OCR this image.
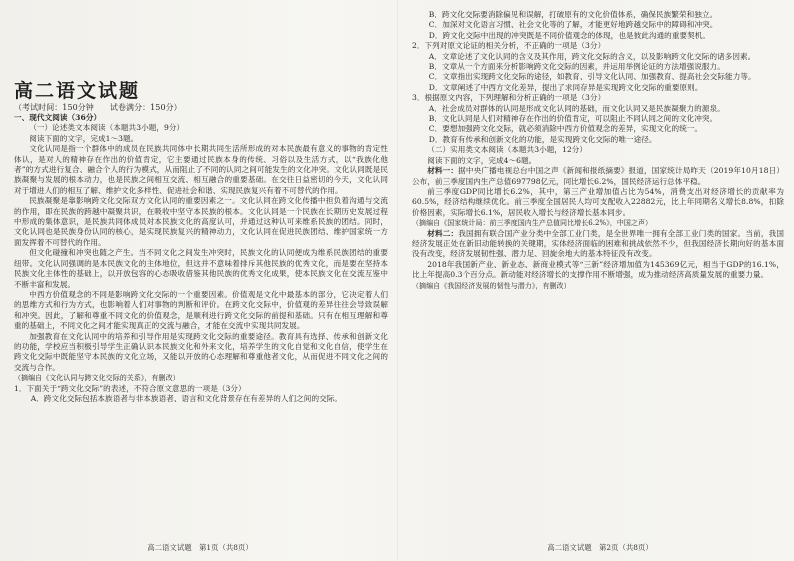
高二语文试题

（考试时间：150分钟　　试卷满分：150分）

一、现代文阅读（36分）

（一）论述类文本阅读（本题共3小题，9分）

阅读下面的文字，完成1～3题。

文化认同是指一个群体中的成员在民族共同体中长期共同生活所形成的对本民族最有意义的事物的肯定性体认，是对人的精神存在作出的价值肯定，它主要通过民族本身的传统、习俗以及生活方式，以“我族化他者”的方式进行复合、融合个人的行为模式，从而阻止了不同的认同之间可能发生的文化冲突。文化认同既是民族凝聚与发展的根本动力，也是民族之间相互交流、相互融合的重要基础。在交往日益密切的今天，文化认同对于增进人们的相互了解、维护文化多样性、促进社会和谐、实现民族复兴有着不可替代的作用。

民族凝聚是靠影响跨文化交际双方文化认同的重要因素之一。文化认同在跨文化传播中担负着沟通与交流的作用，即在民族的跨越中凝聚共识，在吸收中坚守本民族的根本。文化认同是一个民族在长期历史发展过程中形成的集体意识，是民族共同体成员对本民族文化的高度认可，并通过这种认可来维系民族的团结。同时，文化认同也是民族身份认同的核心，是实现民族复兴的精神动力，文化认同在促进民族团结、维护国家统一方面发挥着不可替代的作用。

但文化碰撞和冲突也随之产生。当不同文化之间发生冲突时，民族文化的认同便成为维系民族团结的重要纽带。文化认同强调的是本民族文化的主体地位，但这并不意味着排斥其他民族的优秀文化，而是要在坚持本民族文化主体性的基础上，以开放包容的心态吸收借鉴其他民族的优秀文化成果，使本民族文化在交流互鉴中不断丰富和发展。

中西方价值观念的不同是影响跨文化交际的一个重要因素。价值观是文化中最基本的部分，它决定着人们的思维方式和行为方式，也影响着人们对事物的判断和评价。在跨文化交际中，价值观的差异往往会导致误解和冲突。因此，了解和尊重不同文化的价值观念，是顺利进行跨文化交际的前提和基础。只有在相互理解和尊重的基础上，不同文化之间才能实现真正的交流与融合，才能在交流中实现共同发展。

加强教育在文化认同中的培养和引导作用是实现跨文化交际的重要途径。教育具有选择、传承和创新文化的功能，学校应当积极引导学生正确认识本民族文化和外来文化，培养学生的文化自觉和文化自信，使学生在跨文化交际中既能坚守本民族的文化立场，又能以开放的心态理解和尊重他者文化，从而促进不同文化之间的交流与合作。

（摘编自《文化认同与跨文化交际的关系》，有删改）

1．下面关于“跨文化交际”的表述，不符合原文意思的一项是（3分）

A．跨文化交际包括本族语者与非本族语者、语言和文化背景存在有差异的人们之间的交际。

B．跨文化交际要消除偏见和误解，打破原有的文化价值体系，确保民族繁荣和独立。

C．加深对文化语言习惯、社会文化等的了解，才能更好地跨越交际中的障碍和冲突。

D．跨文化交际中出现的冲突既是不同价值观念的体现，也是彼此沟通的重要契机。

2．下列对原文论证的相关分析，不正确的一项是（3分）

A．文章论述了文化认同的含义及其作用，跨文化交际的含义，以及影响跨文化交际的诸多因素。

B．文章从一个方面来分析影响跨文化交际的因素，并运用举例论证的方法增强说服力。

C．文章指出实现跨文化交际的途径，如教育、引导文化认同、加强教育、提高社会交际能力等。

D．文章阐述了中西方文化差异，提出了求同存异是实现跨文化交际的重要原则。

3．根据原文内容，下列理解和分析正确的一项是（3分）

A．社会成员对群体的认同是形成文化认同的基础，而文化认同又是民族凝聚力的源泉。

B．文化认同是人们对精神存在作出的价值肯定，可以阻止不同认同之间的文化冲突。

C．要想加强跨文化交际，就必须消除中西方价值观念的差异，实现文化的统一。

D．教育有传承和创新文化的功能，是实现跨文化交际的唯一途径。

（二）实用类文本阅读（本题共3小题，12分）

阅读下面的文字，完成4～6题。

材料一：据中央广播电视总台中国之声《新闻和报纸摘要》报道，国家统计局昨天（2019年10月18日）公布，前三季度国内生产总值697798亿元，同比增长6.2%，国民经济运行总体平稳。

前三季度GDP同比增长6.2%，其中，第三产业增加值占比为54%，消费支出对经济增长的贡献率为60.5%，经济结构继续优化。前三季度全国居民人均可支配收入22882元，比上年同期名义增长8.8%，扣除价格因素，实际增长6.1%，居民收入增长与经济增长基本同步。

（摘编自《国家统计局：前三季度国内生产总值同比增长6.2%》，中国之声）

材料二：我国拥有联合国产业分类中全部工业门类，是全世界唯一拥有全部工业门类的国家。当前，我国经济发展正处在新旧动能转换的关键期，实体经济面临的困难和挑战依然不少，但我国经济长期向好的基本面没有改变，经济发展韧性强、潜力足、回旋余地大的基本特征没有改变。

2018年我国新产业、新业态、新商业模式等“三新”经济增加值为145369亿元，相当于GDP的16.1%，比上年提高0.3个百分点。新动能对经济增长的支撑作用不断增强，成为推动经济高质量发展的重要力量。

（摘编自《我国经济发展的韧性与潜力》，有删改）

高二语文试题　第1页（共8页）	高二语文试题　第2页（共8页）
